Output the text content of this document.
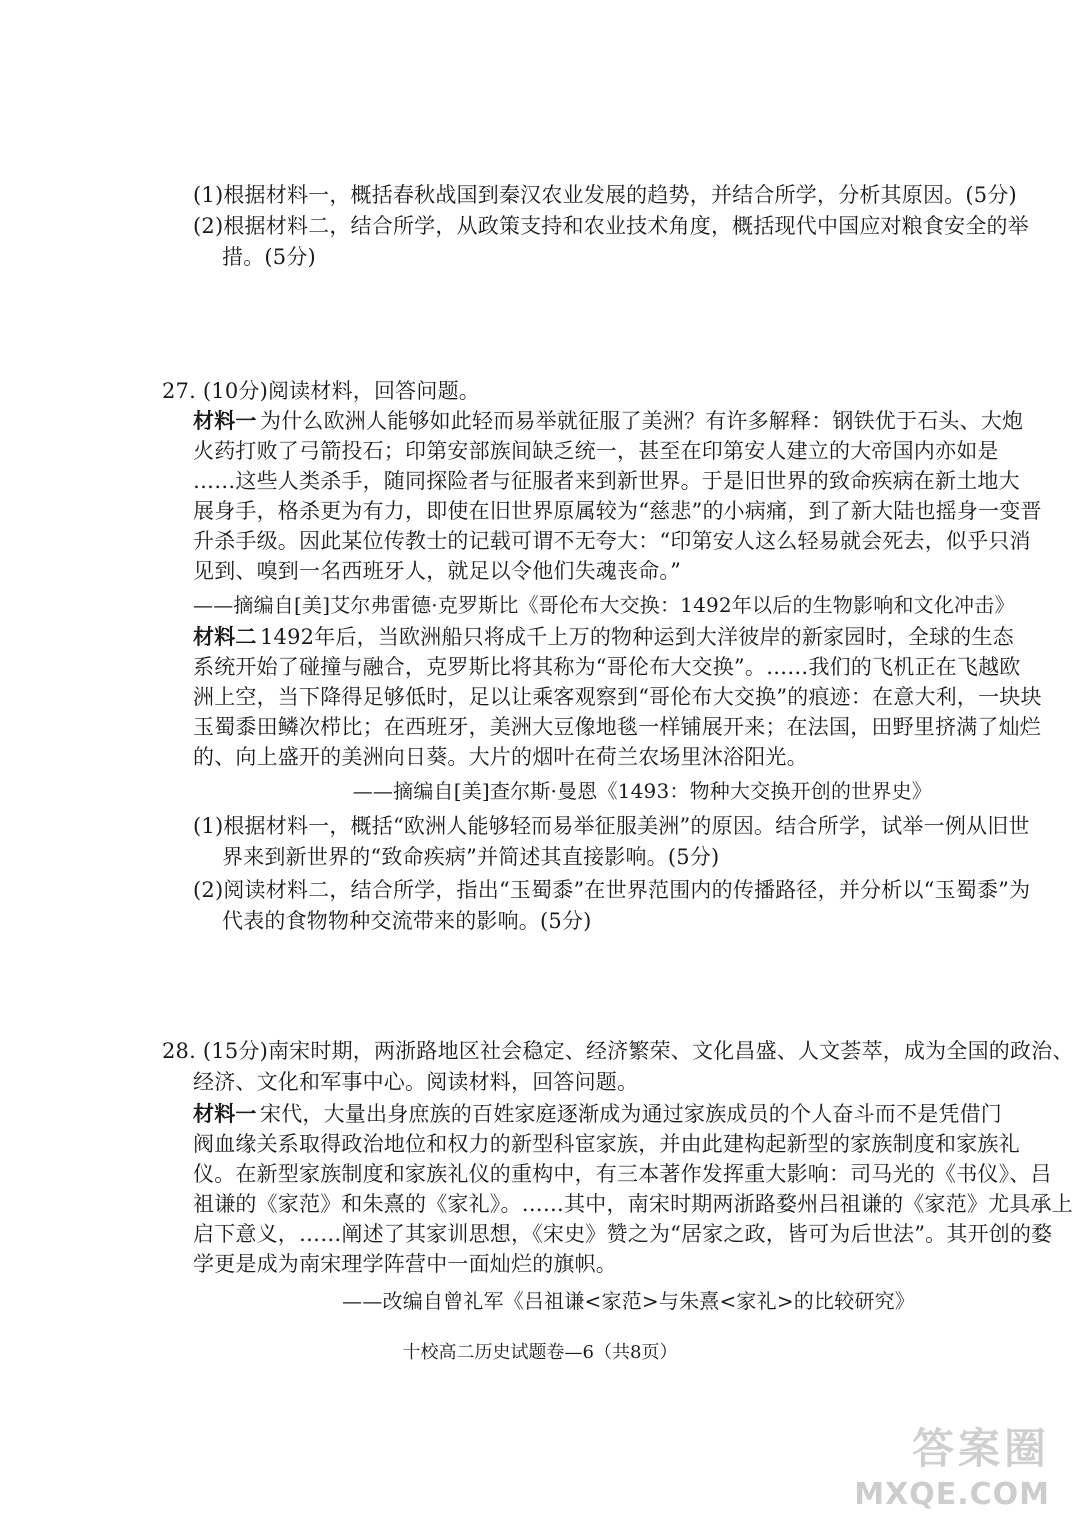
(1)根据材料一，概括春秋战国到秦汉农业发展的趋势，并结合所学，分析其原因。(5分)
(2)根据材料二，结合所学，从政策支持和农业技术角度，概括现代中国应对粮食安全的举
措。(5分)
27. (10分)阅读材料，回答问题。
材料一 为什么欧洲人能够如此轻而易举就征服了美洲？有许多解释：钢铁优于石头、大炮
火药打败了弓箭投石；印第安部族间缺乏统一，甚至在印第安人建立的大帝国内亦如是
……这些人类杀手，随同探险者与征服者来到新世界。于是旧世界的致命疾病在新土地大
展身手，格杀更为有力，即使在旧世界原属较为“慈悲”的小病痛，到了新大陆也摇身一变晋
升杀手级。因此某位传教士的记载可谓不无夸大：“印第安人这么轻易就会死去，似乎只消
见到、嗅到一名西班牙人，就足以令他们失魂丧命。”
——摘编自[美]艾尔弗雷德·克罗斯比《哥伦布大交换：1492年以后的生物影响和文化冲击》
材料二 1492年后，当欧洲船只将成千上万的物种运到大洋彼岸的新家园时，全球的生态
系统开始了碰撞与融合，克罗斯比将其称为“哥伦布大交换”。……我们的飞机正在飞越欧
洲上空，当下降得足够低时，足以让乘客观察到“哥伦布大交换”的痕迹：在意大利，一块块
玉蜀黍田鳞次栉比；在西班牙，美洲大豆像地毯一样铺展开来；在法国，田野里挤满了灿烂
的、向上盛开的美洲向日葵。大片的烟叶在荷兰农场里沐浴阳光。
——摘编自[美]查尔斯·曼恩《1493：物种大交换开创的世界史》
(1)根据材料一，概括“欧洲人能够轻而易举征服美洲”的原因。结合所学，试举一例从旧世
界来到新世界的“致命疾病”并简述其直接影响。(5分)
(2)阅读材料二，结合所学，指出“玉蜀黍”在世界范围内的传播路径，并分析以“玉蜀黍”为
代表的食物物种交流带来的影响。(5分)
28. (15分)南宋时期，两浙路地区社会稳定、经济繁荣、文化昌盛、人文荟萃，成为全国的政治、
经济、文化和军事中心。阅读材料，回答问题。
材料一 宋代，大量出身庶族的百姓家庭逐渐成为通过家族成员的个人奋斗而不是凭借门
阀血缘关系取得政治地位和权力的新型科宦家族，并由此建构起新型的家族制度和家族礼
仪。在新型家族制度和家族礼仪的重构中，有三本著作发挥重大影响：司马光的《书仪》、吕
祖谦的《家范》和朱熹的《家礼》。……其中，南宋时期两浙路婺州吕祖谦的《家范》尤具承上
启下意义，……阐述了其家训思想，《宋史》赞之为“居家之政，皆可为后世法”。其开创的婺
学更是成为南宋理学阵营中一面灿烂的旗帜。
——改编自曾礼军《吕祖谦<家范>与朱熹<家礼>的比较研究》
十校高二历史试题卷—6（共8页）
答案圈
MXQE.COM
